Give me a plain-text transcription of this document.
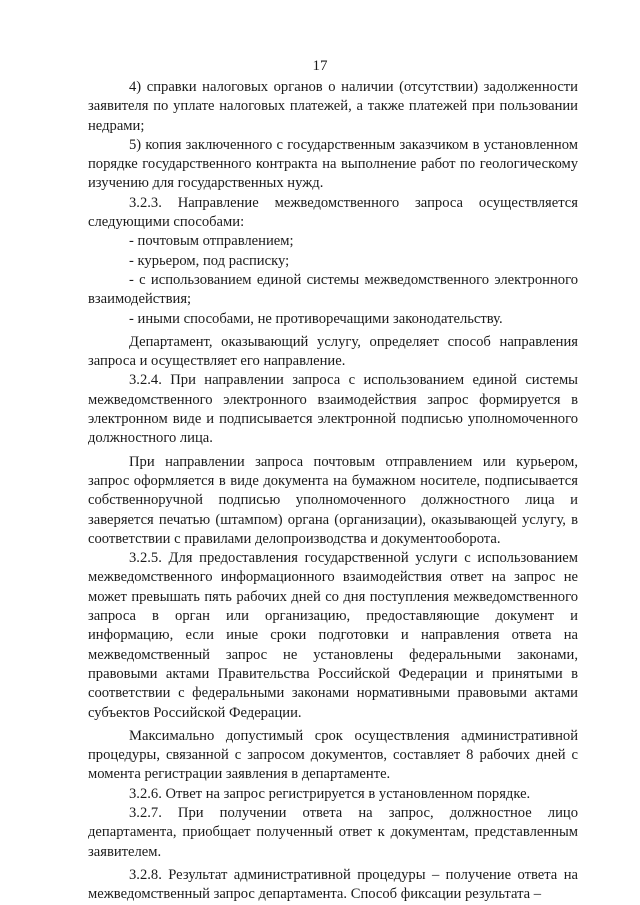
17

4) справки налоговых органов о наличии (отсутствии) задолженности заявителя по уплате налоговых платежей, а также платежей при пользовании недрами;

5) копия заключенного с государственным заказчиком в установленном порядке государственного контракта на выполнение работ по геологическому изучению для государственных нужд.

3.2.3. Направление межведомственного запроса осуществляется следующими способами:

- почтовым отправлением;

- курьером, под расписку;

- с использованием единой системы межведомственного электронного взаимодействия;

- иными способами, не противоречащими законодательству.

Департамент, оказывающий услугу, определяет способ направления запроса и осуществляет его направление.

3.2.4. При направлении запроса с использованием единой системы межведомственного электронного взаимодействия запрос формируется в электронном виде и подписывается электронной подписью уполномоченного должностного лица.

При направлении запроса почтовым отправлением или курьером, запрос оформляется в виде документа на бумажном носителе, подписывается собственноручной подписью уполномоченного должностного лица и заверяется печатью (штампом) органа (организации), оказывающей услугу, в соответствии с правилами делопроизводства и документооборота.

3.2.5. Для предоставления государственной услуги с использованием межведомственного информационного взаимодействия ответ на запрос не может превышать пять рабочих дней со дня поступления межведомственного запроса в орган или организацию, предоставляющие документ и информацию, если иные сроки подготовки и направления ответа на межведомственный запрос не установлены федеральными законами, правовыми актами Правительства Российской Федерации и принятыми в соответствии с федеральными законами нормативными правовыми актами субъектов Российской Федерации.

Максимально допустимый срок осуществления административной процедуры, связанной с запросом документов, составляет 8 рабочих дней с момента регистрации заявления в департаменте.

3.2.6. Ответ на запрос регистрируется в установленном порядке.

3.2.7. При получении ответа на запрос, должностное лицо департамента, приобщает полученный ответ к документам, представленным заявителем.

3.2.8. Результат административной процедуры – получение ответа на межведомственный запрос департамента. Способ фиксации результата –
